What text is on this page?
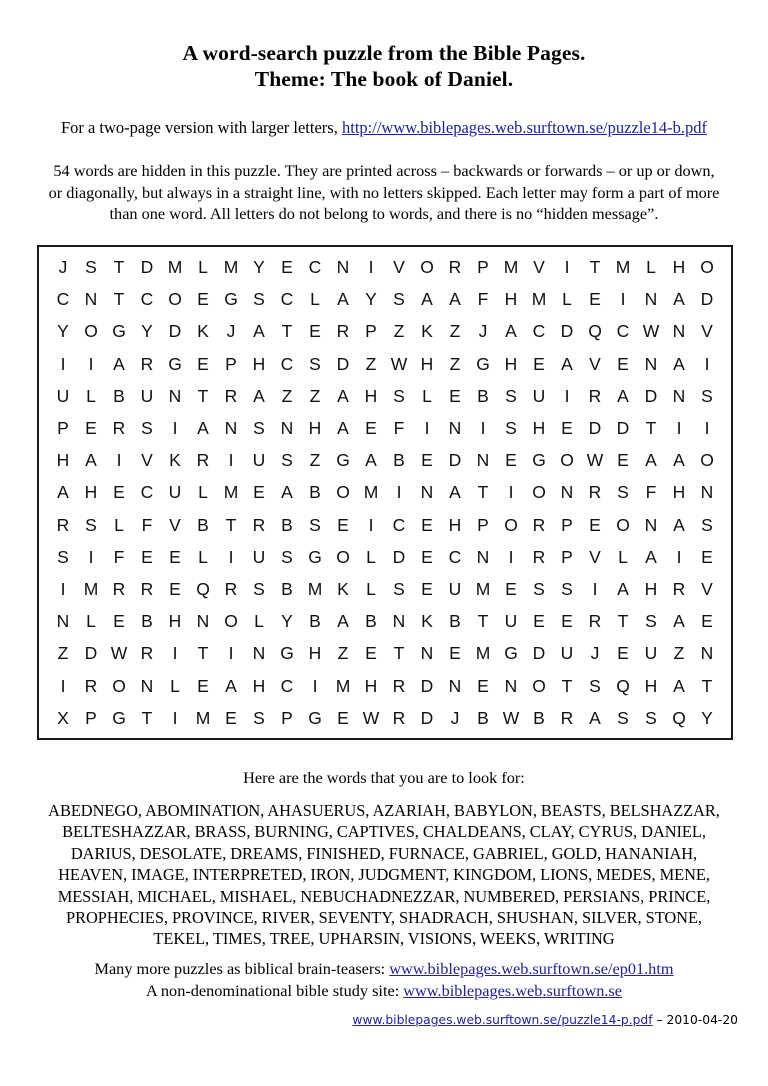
A word-search puzzle from the Bible Pages.
Theme: The book of Daniel.
For a two-page version with larger letters, http://www.biblepages.web.surftown.se/puzzle14-b.pdf

54 words are hidden in this puzzle. They are printed across – backwards or forwards – or up or down,

or diagonally, but always in a straight line, with no letters skipped. Each letter may form a part of more

than one word. All letters do not belong to words, and there is no “hidden message”.

J	S T D M L M Y E C N	I	V O R P M V	I	T M L H O
C N T C O E G S C L A Y S A A F H M L E	I	N A D
Y O G Y D K	J	A T E R P Z K Z	J	A C D Q C W N V
I	I	A R G E P H C S D Z W H Z G H E A V E N A	I
U L B U N T R A Z Z A H S L E B S U	I	R A D N S
P E R S	I	A N S N H A E F	I	N	I	S H E D D T	I	I
H A	I	V K R	I	U S Z G A B E D N E G O W E A A O
A H E C U L M E A B O M	I	N A T	I	O N R S F H N
R S L F V B T R B S E	I	C E H P O R P E O N A S
S	I	F E E L	I	U S G O L D E C N	I	R P V L A	I	E
I	M R R E Q R S B M K L S E U M E S S	I	A H R V
N L E B H N O L Y B A B N K B T U E E R T S A E
Z D W R	I	T	I	N G H Z E T N E M G D U J	E U Z N
I	R O N L E A H C	I	M H R D N E N O T S Q H A T
X P G T	I	M E S P G E W R D J	B W B R A S S Q Y
Here are the words that you are to look for:
ABEDNEGO, ABOMINATION, AHASUERUS, AZARIAH, BABYLON, BEASTS, BELSHAZZAR,
BELTESHAZZAR, BRASS, BURNING, CAPTIVES, CHALDEANS, CLAY, CYRUS, DANIEL,
DARIUS, DESOLATE, DREAMS, FINISHED, FURNACE, GABRIEL, GOLD, HANANIAH,
HEAVEN, IMAGE, INTERPRETED, IRON, JUDGMENT, KINGDOM, LIONS, MEDES, MENE,
MESSIAH, MICHAEL, MISHAEL, NEBUCHADNEZZAR, NUMBERED, PERSIANS, PRINCE,
PROPHECIES, PROVINCE, RIVER, SEVENTY, SHADRACH, SHUSHAN, SILVER, STONE,
TEKEL, TIMES, TREE, UPHARSIN, VISIONS, WEEKS, WRITING
Many more puzzles as biblical brain-teasers: www.biblepages.web.surftown.se/ep01.htm
A non-denominational bible study site: www.biblepages.web.surftown.se
www.biblepages.web.surftown.se/puzzle14-p.pdf – 2010-04-20
